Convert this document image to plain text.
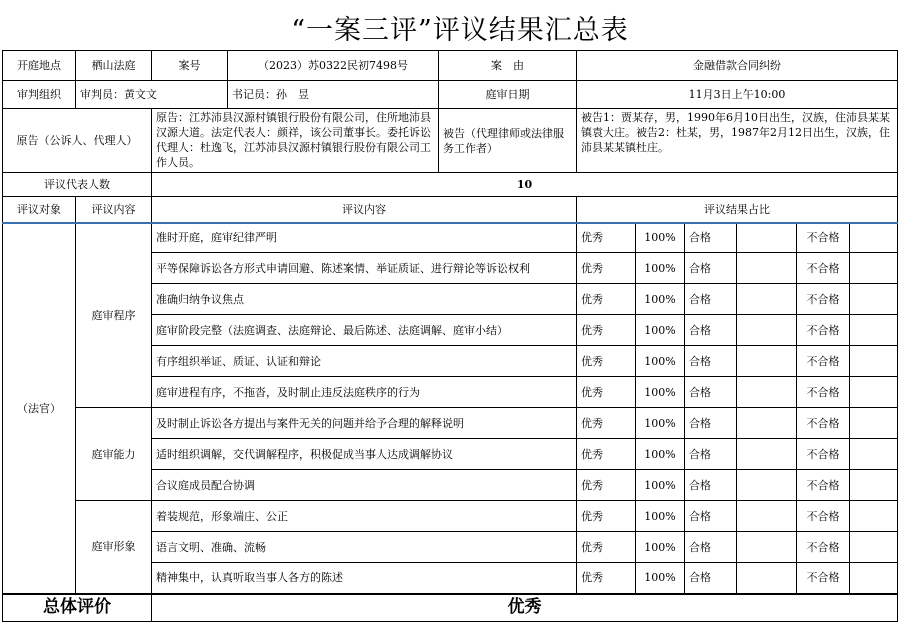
“一案三评”评议结果汇总表
开庭地点	栖山法庭	案号	（2023）苏0322民初7498号	案　由	金融借款合同纠纷					
审判组织	审判员：黄文文		书记员：孙　昱	庭审日期	11月3日上午10:00					
原告（公诉人、代理人）		原告：江苏沛县汉源村镇银行股份有限公司，住所地沛县汉源大道。法定代表人：颜祥，该公司董事长。委托诉讼代理人：杜逸飞，江苏沛县汉源村镇银行股份有限公司工作人员。		被告（代理律师或法律服务工作者）	被告1：贾某存，男，1990年6月10日出生，汉族，住沛县某某镇袁大庄。被告2：杜某，男，1987年2月12日出生，汉族，住沛县某某镇杜庄。					
评议代表人数		10								
评议对象	评议内容	评议内容			评议结果占比					
（法官）	庭审程序	准时开庭，庭审纪律严明			优秀	100%	合格		不合格	
		平等保障诉讼各方形式申请回避、陈述案情、举证质证、进行辩论等诉讼权利			优秀	100%	合格		不合格	
		准确归纳争议焦点			优秀	100%	合格		不合格	
		庭审阶段完整（法庭调查、法庭辩论、最后陈述、法庭调解、庭审小结）			优秀	100%	合格		不合格	
		有序组织举证、质证、认证和辩论			优秀	100%	合格		不合格	
		庭审进程有序，不拖沓，及时制止违反法庭秩序的行为			优秀	100%	合格		不合格	
	庭审能力	及时制止诉讼各方提出与案件无关的问题并给予合理的解释说明			优秀	100%	合格		不合格	
		适时组织调解，交代调解程序，积极促成当事人达成调解协议			优秀	100%	合格		不合格	
		合议庭成员配合协调			优秀	100%	合格		不合格	
	庭审形象	着装规范，形象端庄、公正			优秀	100%	合格		不合格	
		语言文明、准确、流畅			优秀	100%	合格		不合格	
		精神集中，认真听取当事人各方的陈述			优秀	100%	合格		不合格	
总体评价		优秀								
